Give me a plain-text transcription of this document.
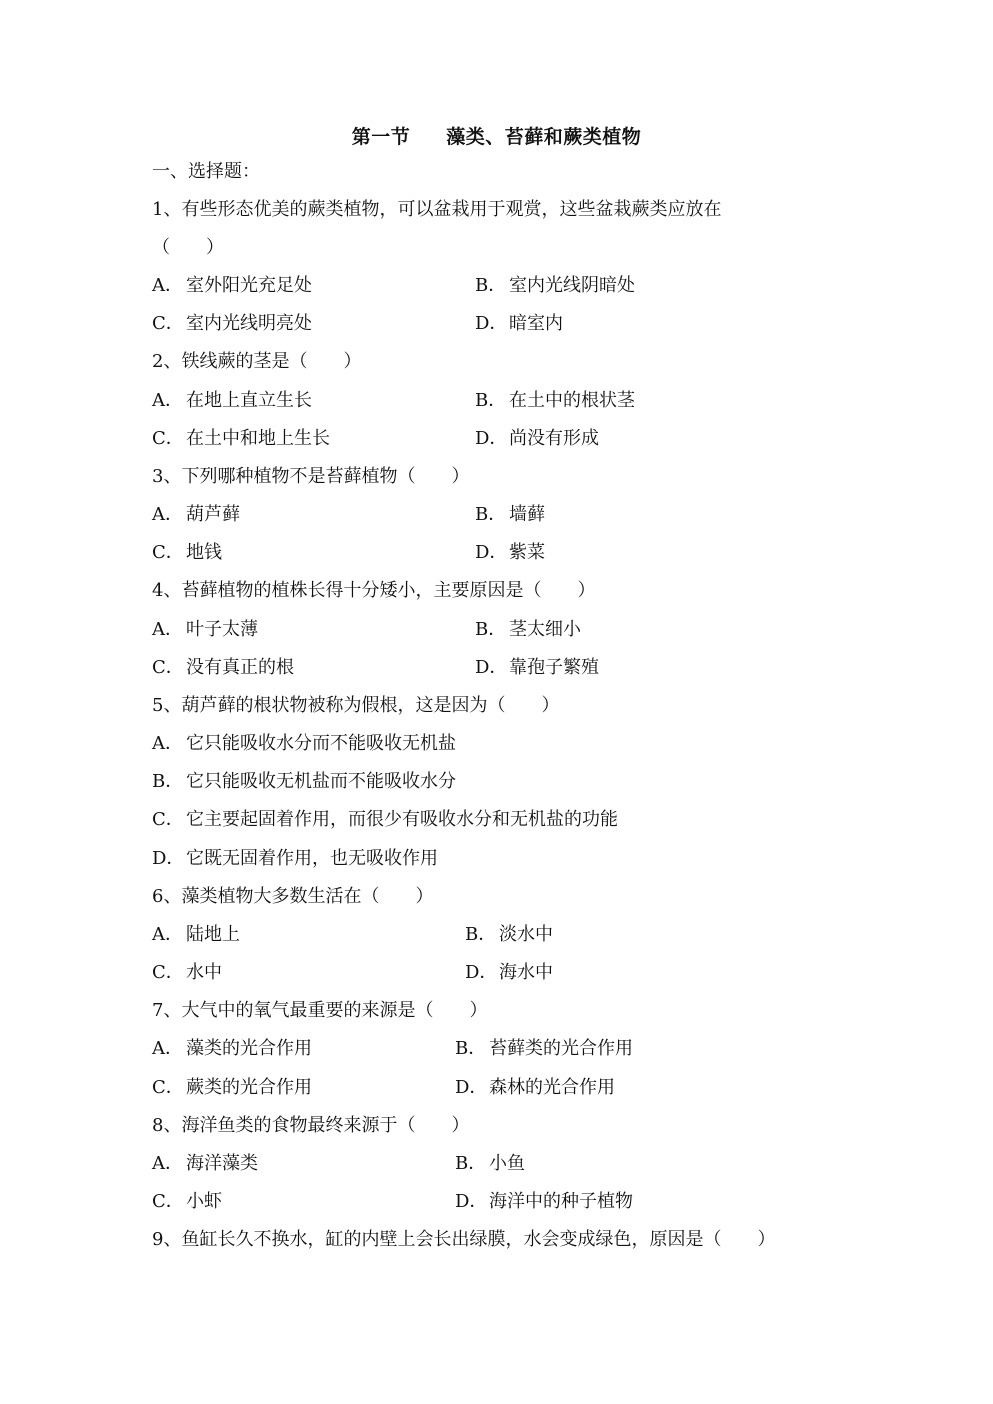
第一节 藻类、苔藓和蕨类植物
一、选择题：
1、有些形态优美的蕨类植物，可以盆栽用于观赏，这些盆栽蕨类应放在
（　　）
A． 室外阳光充足处	B． 室内光线阴暗处
C． 室内光线明亮处	D．暗室内
2、铁线蕨的茎是（　　）
A． 在地上直立生长	B． 在土中的根状茎
C． 在土中和地上生长	D．尚没有形成
3、下列哪种植物不是苔藓植物（　　）
A． 葫芦藓	B． 墙藓
C． 地钱	D．紫菜
4、苔藓植物的植株长得十分矮小，主要原因是（　　）
A． 叶子太薄	B． 茎太细小
C． 没有真正的根	D．靠孢子繁殖
5、葫芦藓的根状物被称为假根，这是因为（　　）
A． 它只能吸收水分而不能吸收无机盐
B． 它只能吸收无机盐而不能吸收水分
C． 它主要起固着作用，而很少有吸收水分和无机盐的功能
D．它既无固着作用，也无吸收作用
6、藻类植物大多数生活在（　　）
A． 陆地上	B． 淡水中
C． 水中	D．海水中
7、大气中的氧气最重要的来源是（　　）
A． 藻类的光合作用	B． 苔藓类的光合作用
C． 蕨类的光合作用	D．森林的光合作用
8、海洋鱼类的食物最终来源于（　　）
A． 海洋藻类	B． 小鱼
C． 小虾	D．海洋中的种子植物
9、鱼缸长久不换水，缸的内壁上会长出绿膜，水会变成绿色，原因是（　　）
